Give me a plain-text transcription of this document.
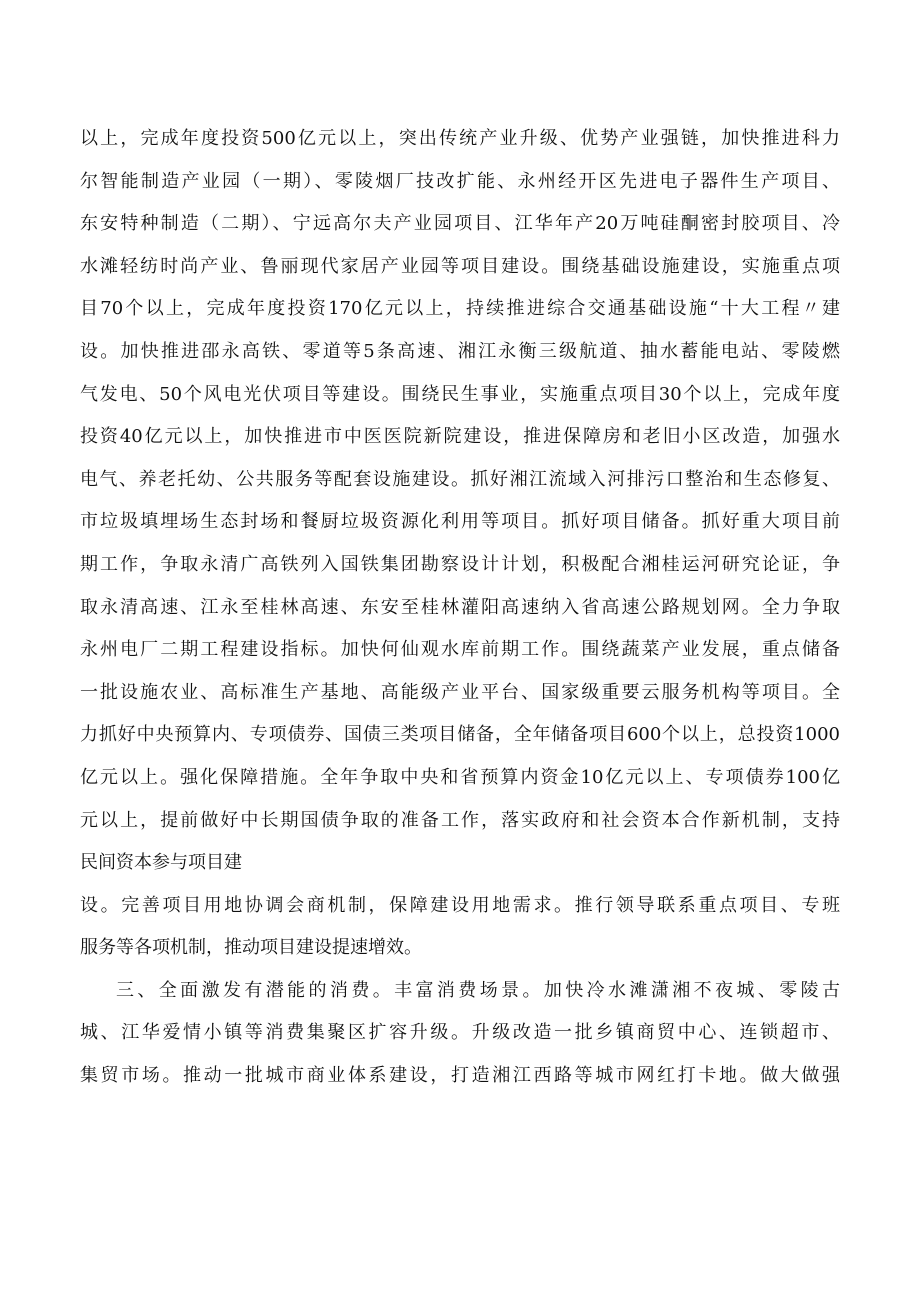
以上，完成年度投资500亿元以上，突出传统产业升级、优势产业强链，加快推进科力
尔智能制造产业园（一期）、零陵烟厂技改扩能、永州经开区先进电子器件生产项目、
东安特种制造（二期）、宁远高尔夫产业园项目、江华年产20万吨硅酮密封胶项目、冷
水滩轻纺时尚产业、鲁丽现代家居产业园等项目建设。围绕基础设施建设，实施重点项
目70个以上，完成年度投资170亿元以上，持续推进综合交通基础设施“十大工程〃建
设。加快推进邵永高铁、零道等5条高速、湘江永衡三级航道、抽水蓄能电站、零陵燃
气发电、50个风电光伏项目等建设。围绕民生事业，实施重点项目30个以上，完成年度
投资40亿元以上，加快推进市中医医院新院建设，推进保障房和老旧小区改造，加强水
电气、养老托幼、公共服务等配套设施建设。抓好湘江流域入河排污口整治和生态修复、
市垃圾填埋场生态封场和餐厨垃圾资源化利用等项目。抓好项目储备。抓好重大项目前
期工作，争取永清广高铁列入国铁集团勘察设计计划，积极配合湘桂运河研究论证，争
取永清高速、江永至桂林高速、东安至桂林灌阳高速纳入省高速公路规划网。全力争取
永州电厂二期工程建设指标。加快何仙观水库前期工作。围绕蔬菜产业发展，重点储备
一批设施农业、高标准生产基地、高能级产业平台、国家级重要云服务机构等项目。全
力抓好中央预算内、专项债券、国债三类项目储备，全年储备项目600个以上，总投资1000
亿元以上。强化保障措施。全年争取中央和省预算内资金10亿元以上、专项债券100亿
元以上，提前做好中长期国债争取的准备工作，落实政府和社会资本合作新机制，支持
民间资本参与项目建
设。完善项目用地协调会商机制，保障建设用地需求。推行领导联系重点项目、专班
服务等各项机制，推动项目建设提速增效。
三、全面激发有潜能的消费。丰富消费场景。加快冷水滩潇湘不夜城、零陵古
城、江华爱情小镇等消费集聚区扩容升级。升级改造一批乡镇商贸中心、连锁超市、
集贸市场。推动一批城市商业体系建设，打造湘江西路等城市网红打卡地。做大做强
